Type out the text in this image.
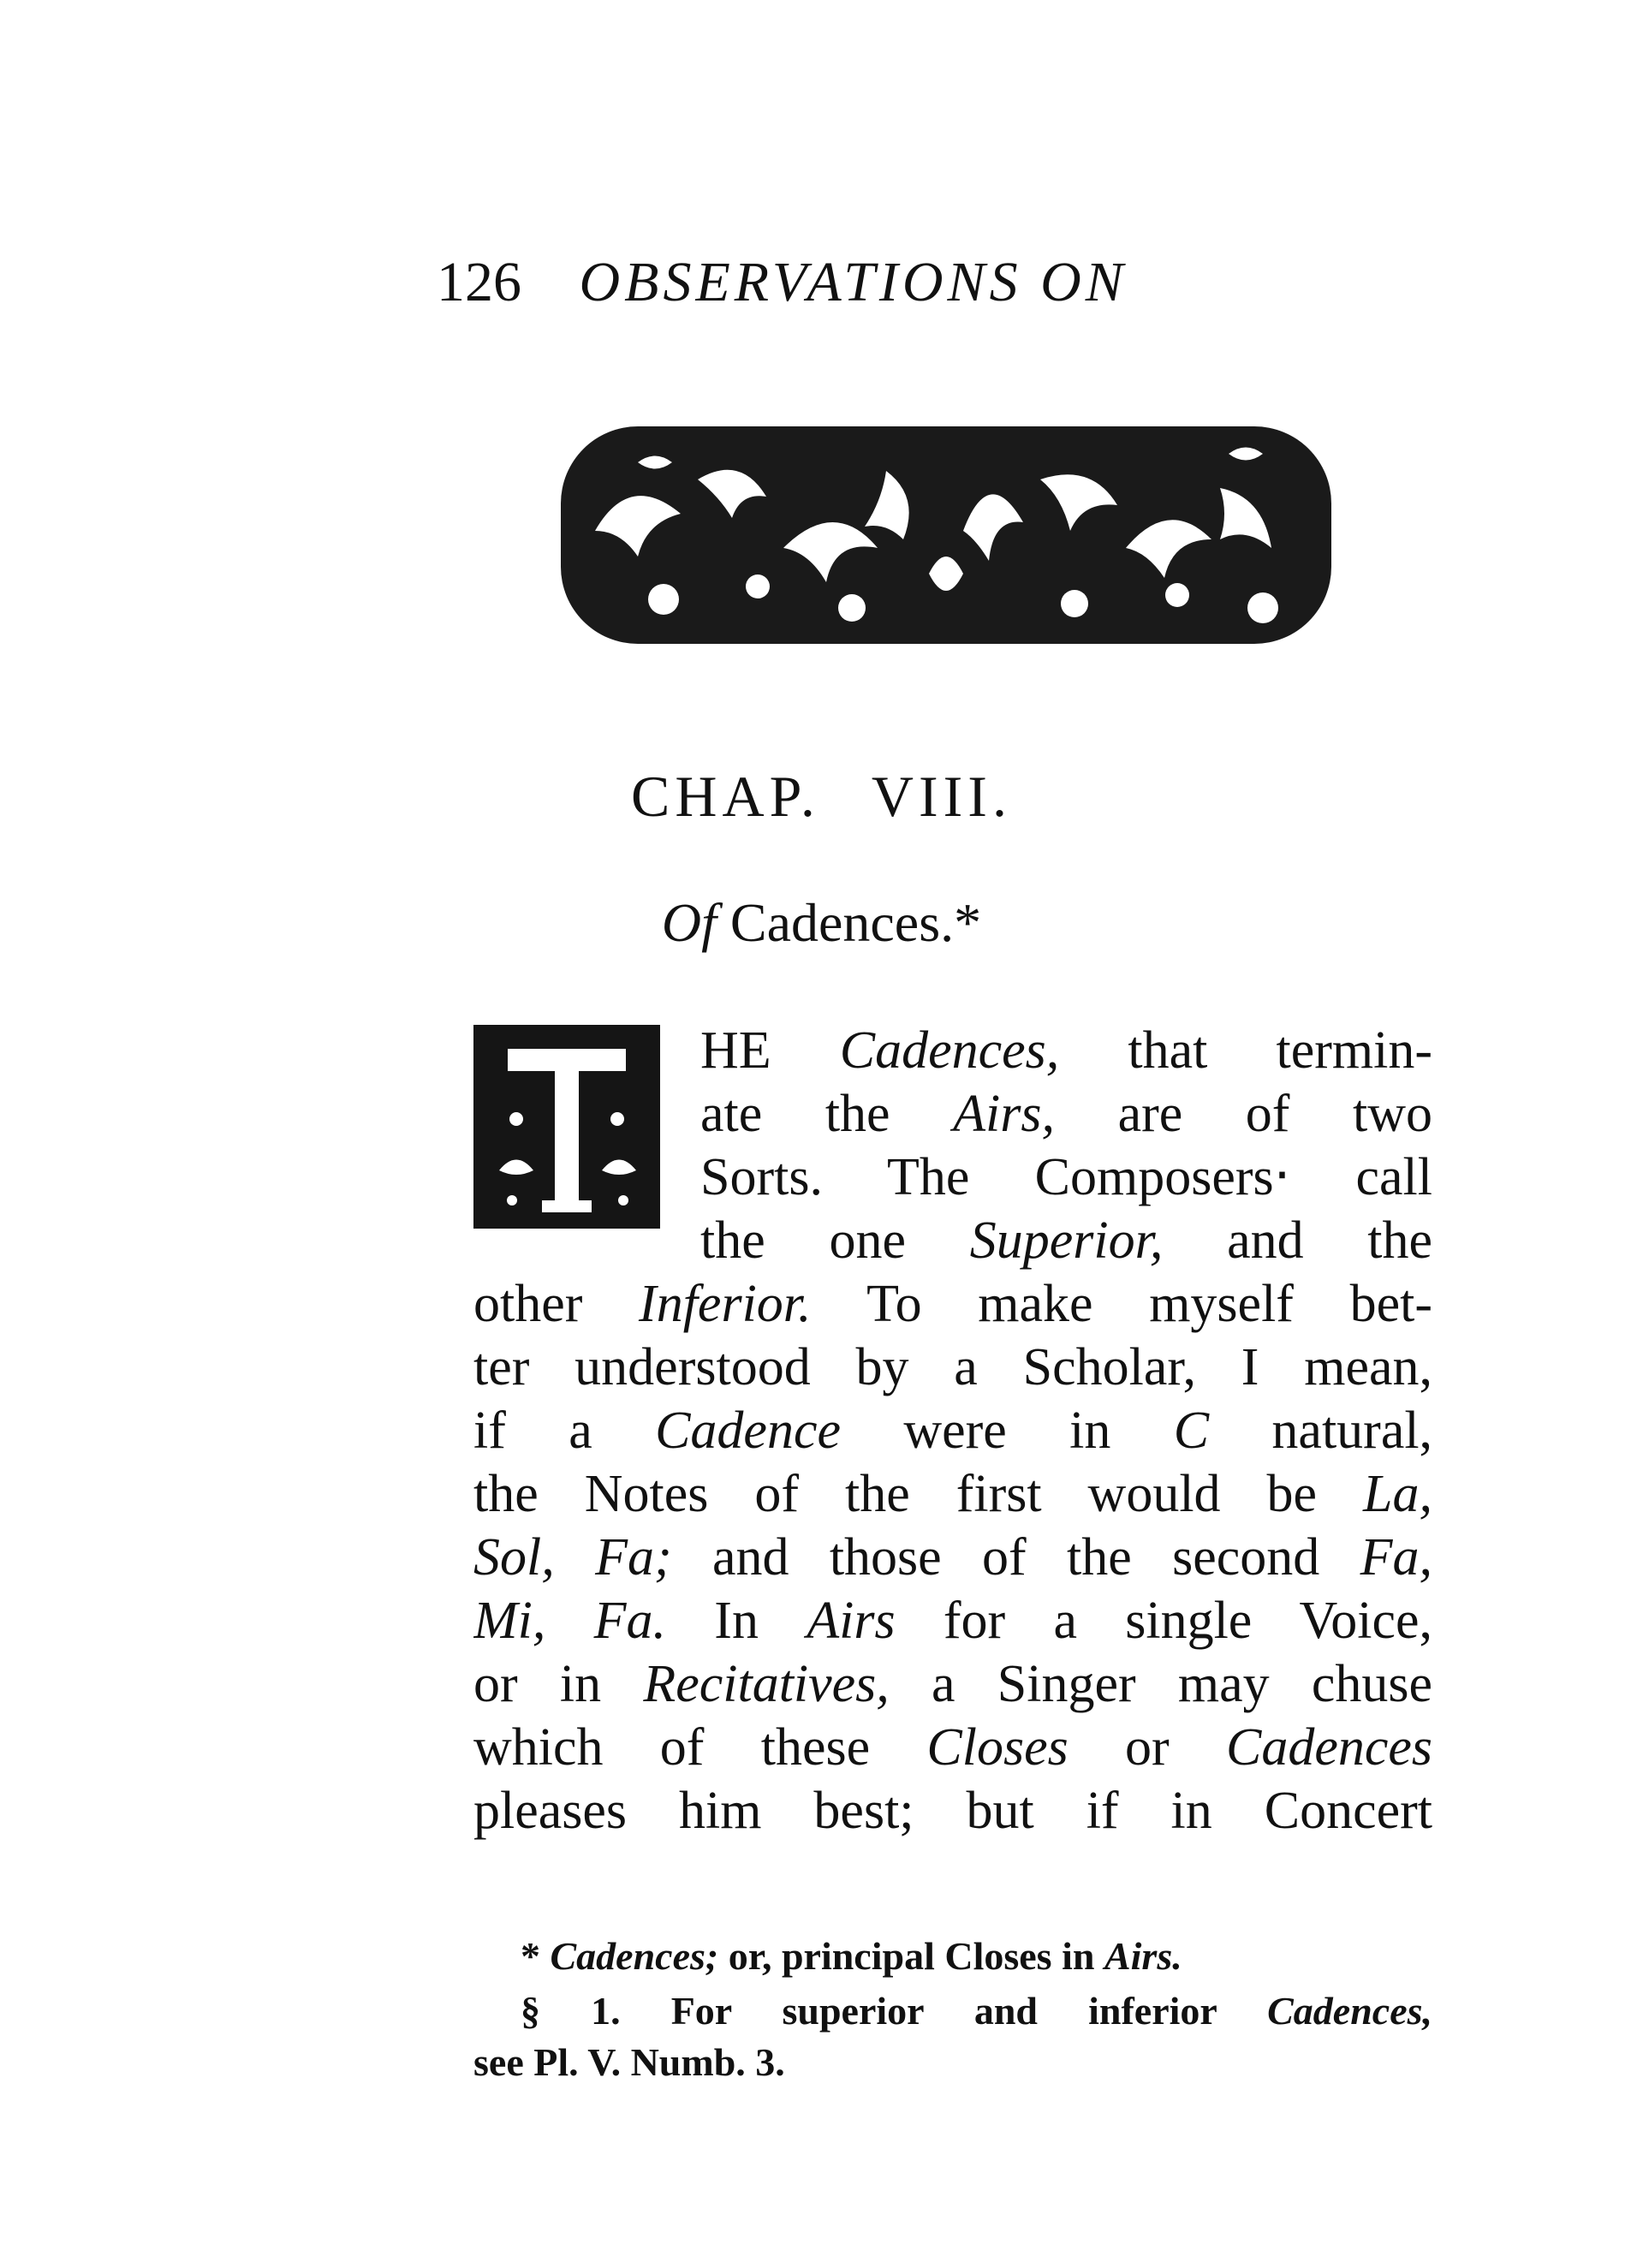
126 OBSERVATIONS ON
CHAP. VIII.
Of Cadences.*
HE Cadences, that termin-
ate the Airs, are of two
Sorts. The Composers‧ call
the one Superior, and the
other Inferior. To make myself bet-
ter understood by a Scholar, I mean,
if a Cadence were in C natural,
the Notes of the first would be La,
Sol, Fa; and those of the second Fa,
Mi, Fa. In Airs for a single Voice,
or in Recitatives, a Singer may chuse
which of these Closes or Cadences
pleases him best; but if in Concert
* Cadences; or, principal Closes in Airs.
§ 1. For superior and inferior Cadences,
see Pl. V. Numb. 3.
